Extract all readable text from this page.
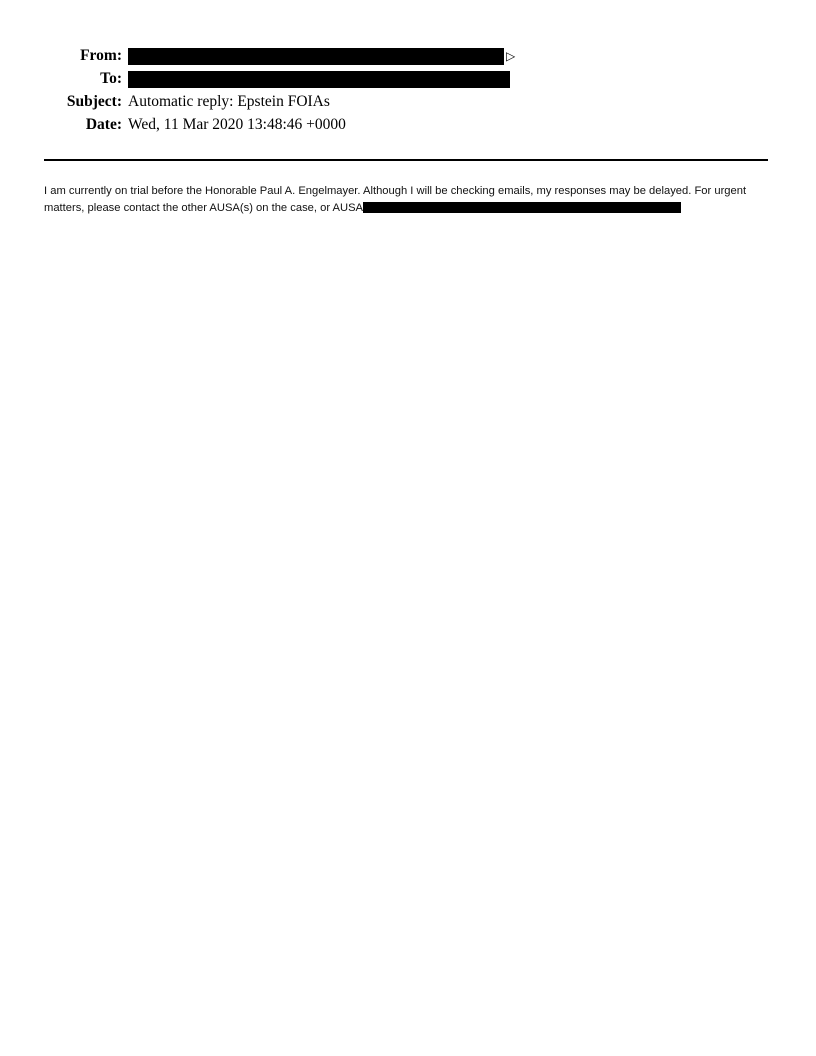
From:	▷
To:
Subject: Automatic reply: Epstein FOIAs
Date: Wed, 11 Mar 2020 13:48:46 +0000
I am currently on trial before the Honorable Paul A. Engelmayer. Although I will be checking emails, my responses may be delayed. For urgent
matters, please contact the other AUSA(s) on the case, or AUSA
